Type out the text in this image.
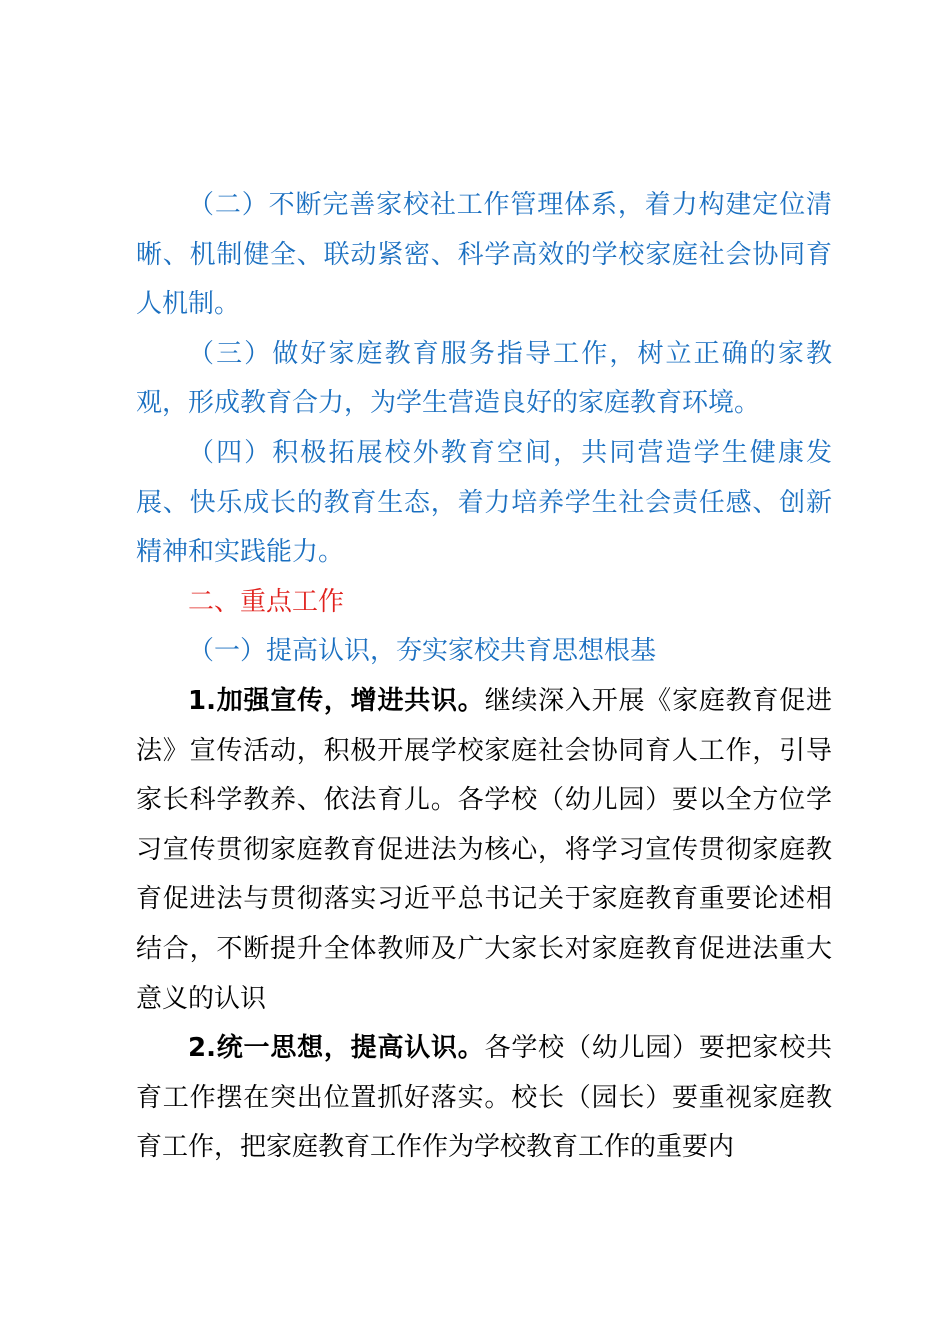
（二）不断完善家校社工作管理体系，着力构建定位清晰、机制健全、联动紧密、科学高效的学校家庭社会协同育人机制。

（三）做好家庭教育服务指导工作，树立正确的家教观，形成教育合力，为学生营造良好的家庭教育环境。

（四）积极拓展校外教育空间，共同营造学生健康发展、快乐成长的教育生态，着力培养学生社会责任感、创新精神和实践能力。

二、重点工作

（一）提高认识，夯实家校共育思想根基

1.加强宣传，增进共识。继续深入开展《家庭教育促进法》宣传活动，积极开展学校家庭社会协同育人工作，引导家长科学教养、依法育儿。各学校（幼儿园）要以全方位学习宣传贯彻家庭教育促进法为核心，将学习宣传贯彻家庭教育促进法与贯彻落实习近平总书记关于家庭教育重要论述相结合，不断提升全体教师及广大家长对家庭教育促进法重大意义的认识

2.统一思想，提高认识。各学校（幼儿园）要把家校共育工作摆在突出位置抓好落实。校长（园长）要重视家庭教育工作，把家庭教育工作作为学校教育工作的重要内
